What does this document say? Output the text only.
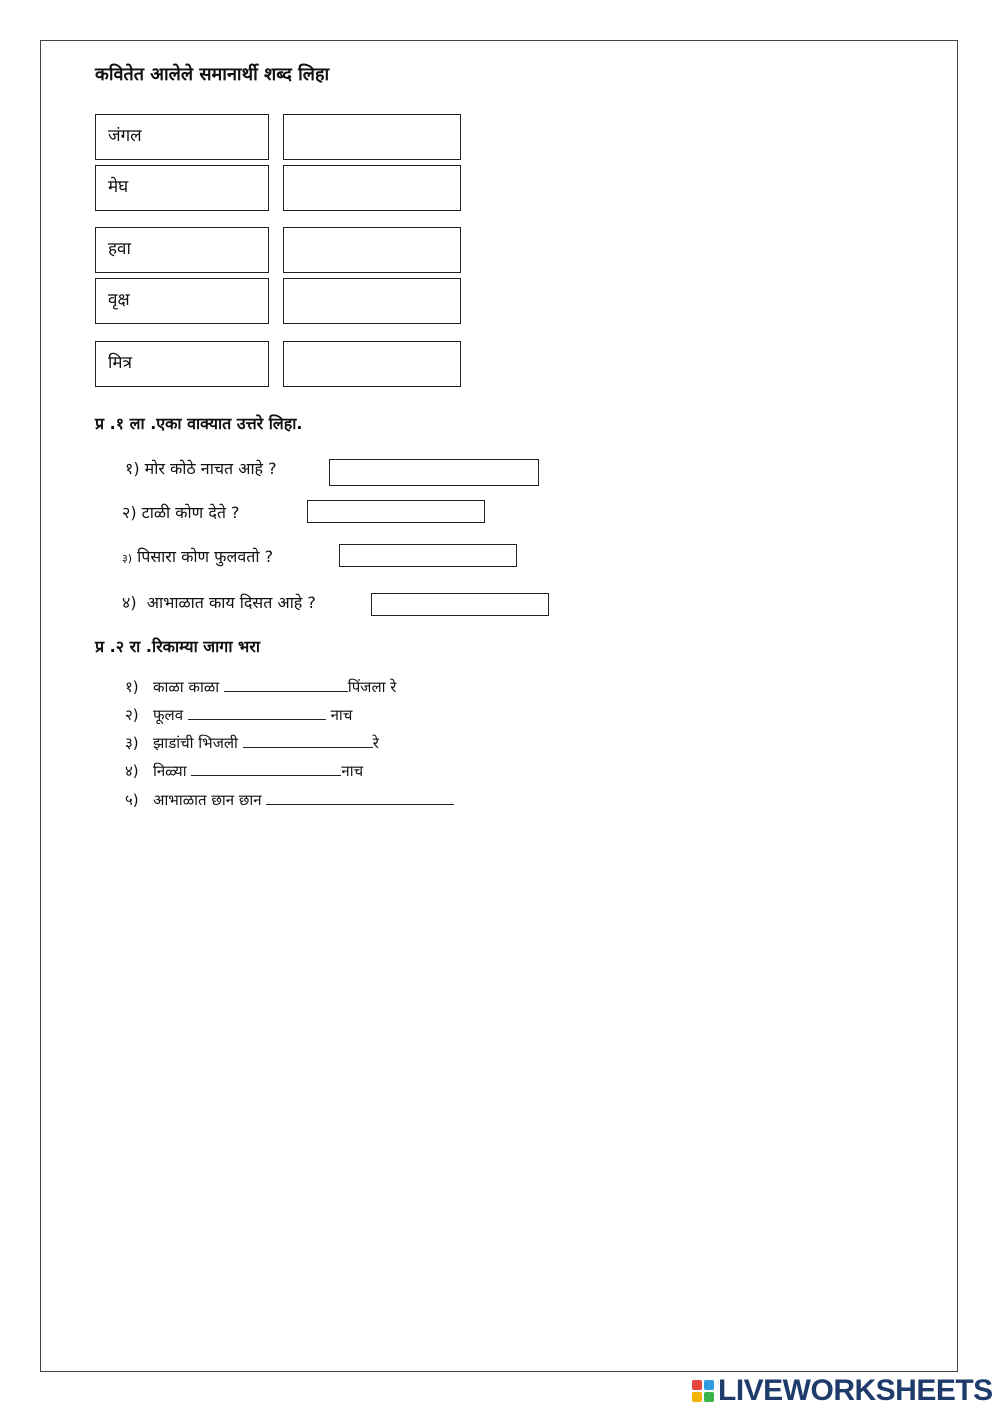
कवितेत आलेले समानार्थी शब्द लिहा
जंगल
मेघ
हवा
वृक्ष
मित्र
प्र .१ ला .एका वाक्यात उत्तरे लिहा.
१) मोर कोठे नाचत आहे ?
२) टाळी कोण देते ?
३) पिसारा कोण फुलवतो ?
४) आभाळात काय दिसत आहे ?
प्र .२ रा .रिकाम्या जागा भरा
१) काळा काळा	पिंजला रे
२) फूलव	नाच
३) झाडांची भिजली	रे
४) निळ्या	नाच
५) आभाळात छान छान
LIVEWORKSHEETS
